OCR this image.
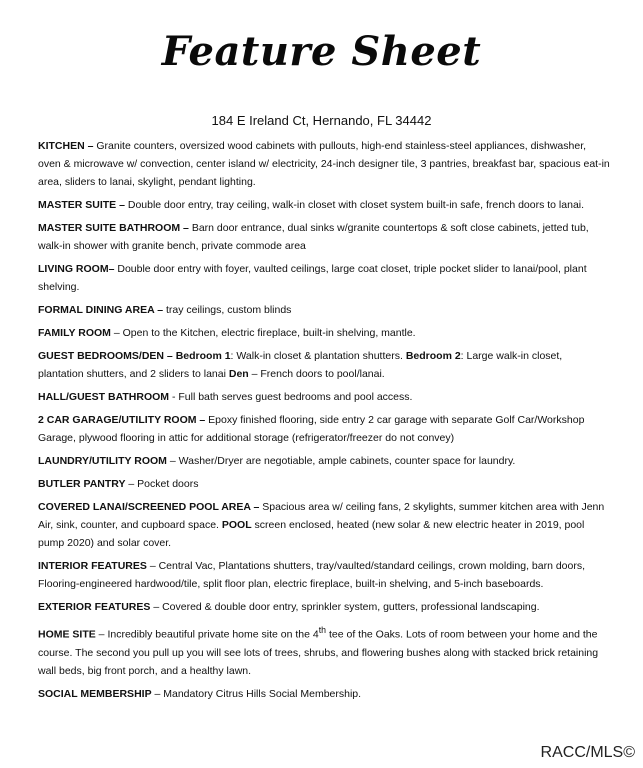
Feature Sheet
184 E Ireland Ct, Hernando, FL 34442
KITCHEN – Granite counters, oversized wood cabinets with pullouts, high-end stainless-steel appliances, dishwasher, oven & microwave w/ convection, center island w/ electricity, 24-inch designer tile, 3 pantries, breakfast bar, spacious eat-in area, sliders to lanai, skylight, pendant lighting.
MASTER SUITE – Double door entry, tray ceiling, walk-in closet with closet system built-in safe, french doors to lanai.
MASTER SUITE BATHROOM – Barn door entrance, dual sinks w/granite countertops & soft close cabinets, jetted tub, walk-in shower with granite bench, private commode area
LIVING ROOM– Double door entry with foyer, vaulted ceilings, large coat closet, triple pocket slider to lanai/pool, plant shelving.
FORMAL DINING AREA – tray ceilings, custom blinds
FAMILY ROOM – Open to the Kitchen, electric fireplace, built-in shelving, mantle.
GUEST BEDROOMS/DEN – Bedroom 1: Walk-in closet & plantation shutters. Bedroom 2: Large walk-in closet, plantation shutters, and 2 sliders to lanai Den – French doors to pool/lanai.
HALL/GUEST BATHROOM - Full bath serves guest bedrooms and pool access.
2 CAR GARAGE/UTILITY ROOM – Epoxy finished flooring, side entry 2 car garage with separate Golf Car/Workshop Garage, plywood flooring in attic for additional storage (refrigerator/freezer do not convey)
LAUNDRY/UTILITY ROOM – Washer/Dryer are negotiable, ample cabinets, counter space for laundry.
BUTLER PANTRY – Pocket doors
COVERED LANAI/SCREENED POOL AREA – Spacious area w/ ceiling fans, 2 skylights, summer kitchen area with Jenn Air, sink, counter, and cupboard space. POOL screen enclosed, heated (new solar & new electric heater in 2019, pool pump 2020) and solar cover.
INTERIOR FEATURES – Central Vac, Plantations shutters, tray/vaulted/standard ceilings, crown molding, barn doors, Flooring-engineered hardwood/tile, split floor plan, electric fireplace, built-in shelving, and 5-inch baseboards.
EXTERIOR FEATURES – Covered & double door entry, sprinkler system, gutters, professional landscaping.
HOME SITE – Incredibly beautiful private home site on the 4th tee of the Oaks. Lots of room between your home and the course. The second you pull up you will see lots of trees, shrubs, and flowering bushes along with stacked brick retaining wall beds, big front porch, and a healthy lawn.
SOCIAL MEMBERSHIP – Mandatory Citrus Hills Social Membership.
RACC/MLS©
